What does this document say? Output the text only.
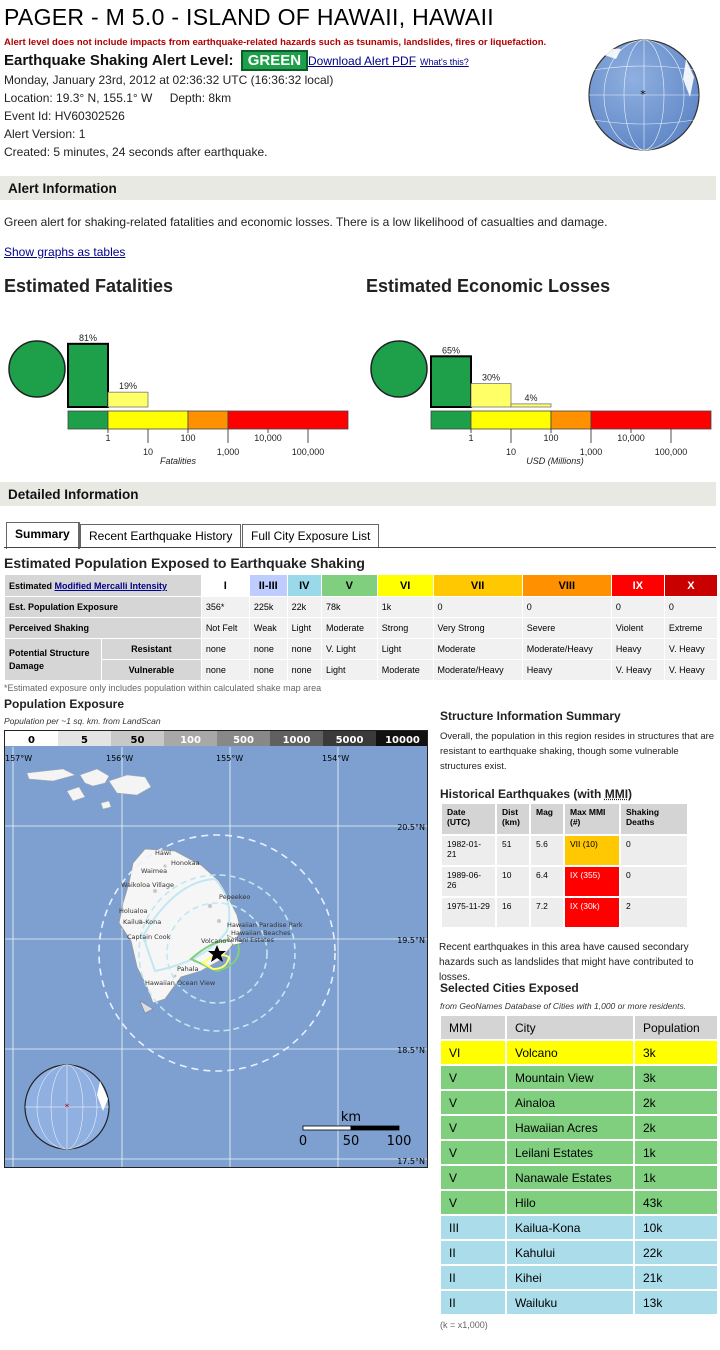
PAGER - M 5.0 - ISLAND OF HAWAII, HAWAII
Alert level does not include impacts from earthquake-related hazards such as tsunamis, landslides, fires or liquefaction.
Earthquake Shaking Alert Level: GREEN Download Alert PDF What's this?
Monday, January 23rd, 2012 at 02:36:32 UTC (16:36:32 local)
Location: 19.3° N, 155.1° W Depth: 8km
Event Id: HV60302526
Alert Version: 1
Created: 5 minutes, 24 seconds after earthquake.
*
Alert Information
Green alert for shaking-related fatalities and economic losses. There is a low likelihood of casualties and damage.
Show graphs as tables
Estimated Fatalities	Estimated Economic Losses
81%
19%
1	100	10,000
10	1,000	100,000
Fatalities
65%
30%
4%
1	100	10,000
10	1,000	100,000
USD (Millions)
Detailed Information
Summary	Recent Earthquake History	Full City Exposure List
Estimated Population Exposed to Earthquake Shaking
Estimated Modified Mercalli Intensity		I	II-III	IV	V	VI	VII	VIII	IX	X
Est. Population Exposure		356*	225k	22k	78k	1k	0	0	0	0
Perceived Shaking		Not Felt	Weak	Light	Moderate	Strong	Very Strong	Severe	Violent	Extreme
Potential Structure Damage	Resistant	none	none	none	V. Light	Light	Moderate	Moderate/Heavy	Heavy	V. Heavy
	Vulnerable	none	none	none	Light	Moderate	Moderate/Heavy	Heavy	V. Heavy	V. Heavy
*Estimated exposure only includes population within calculated shake map area
Population Exposure
Population per ~1 sq. km. from LandScan
0	5	50	100	500	1000	5000 10000
Hawi
Honokaa
Waimea
Waikoloa Village
Pepeekeo
Holualoa
Kailua-Kona
Captain Cook
Hawaiian Paradise Park
Hawaiian Beaches
Leilani Estates
Volcano
Pahala
Hawaiian Ocean View
157°W	156°W	155°W	154°W
20.5°N
19.5°N
18.5°N
17.5°N
*
km
0	50 100
Structure Information Summary
Overall, the population in this region resides in structures that are resistant to earthquake shaking, though some vulnerable structures exist.
Historical Earthquakes (with MMI)
Date (UTC)	Dist (km)	Mag	Max MMI (#)	Shaking Deaths
1982-01-21	51	5.6	VII (10)	0
1989-06-26	10	6.4	IX (355)	0
1975-11-29	16	7.2	IX (30k)	2
Recent earthquakes in this area have caused secondary hazards such as landslides that might have contributed to losses.
Selected Cities Exposed
from GeoNames Database of Cities with 1,000 or more residents.
MMI	City	Population
VI	Volcano	3k
V	Mountain View	3k
V	Ainaloa	2k
V	Hawaiian Acres	2k
V	Leilani Estates	1k
V	Nanawale Estates	1k
V	Hilo	43k
III	Kailua-Kona	10k
II	Kahului	22k
II	Kihei	21k
II	Wailuku	13k
(k = x1,000)
